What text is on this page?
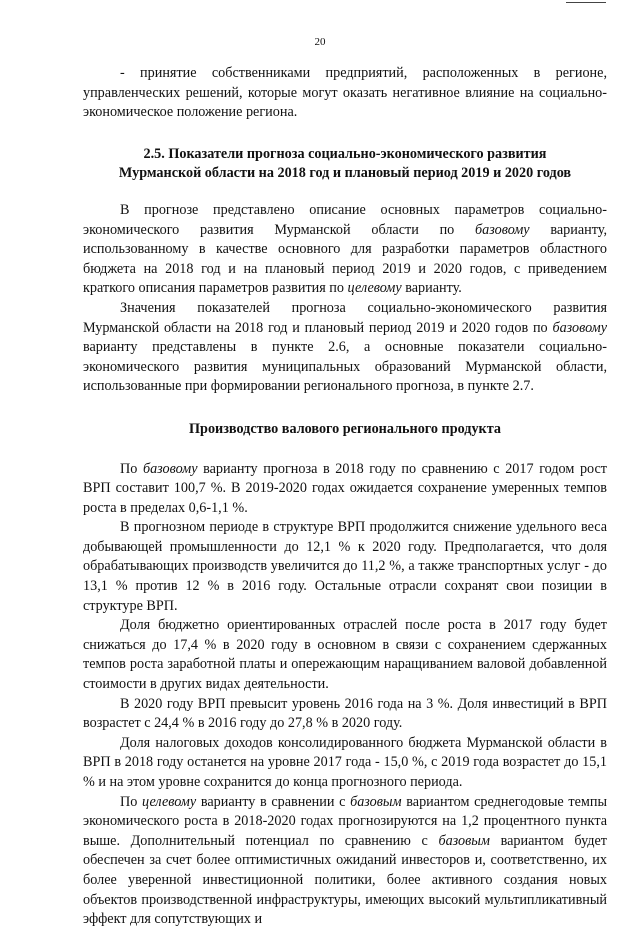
20

- принятие собственниками предприятий, расположенных в регионе, управленческих решений, которые могут оказать негативное влияние на социально-экономическое положение региона.

2.5. Показатели прогноза социально-экономического развития
Мурманской области на 2018 год и плановый период 2019 и 2020 годов

В прогнозе представлено описание основных параметров социально-экономического развития Мурманской области по базовому варианту, использованному в качестве основного для разработки параметров областного бюджета на 2018 год и на плановый период 2019 и 2020 годов, с приведением краткого описания параметров развития по целевому варианту.

Значения показателей прогноза социально-экономического развития Мурманской области на 2018 год и плановый период 2019 и 2020 годов по базовому варианту представлены в пункте 2.6, а основные показатели социально-экономического развития муниципальных образований Мурманской области, использованные при формировании регионального прогноза, в пункте 2.7.

Производство валового регионального продукта

По базовому варианту прогноза в 2018 году по сравнению с 2017 годом рост ВРП составит 100,7 %. В 2019-2020 годах ожидается сохранение умеренных темпов роста в пределах 0,6-1,1 %.

В прогнозном периоде в структуре ВРП продолжится снижение удельного веса добывающей промышленности до 12,1 % к 2020 году. Предполагается, что доля обрабатывающих производств увеличится до 11,2 %, а также транспортных услуг - до 13,1 % против 12 % в 2016 году. Остальные отрасли сохранят свои позиции в структуре ВРП.

Доля бюджетно ориентированных отраслей после роста в 2017 году будет снижаться до 17,4 % в 2020 году в основном в связи с сохранением сдержанных темпов роста заработной платы и опережающим наращиванием валовой добавленной стоимости в других видах деятельности.

В 2020 году ВРП превысит уровень 2016 года на 3 %. Доля инвестиций в ВРП возрастет с 24,4 % в 2016 году до 27,8 % в 2020 году.

Доля налоговых доходов консолидированного бюджета Мурманской области в ВРП в 2018 году останется на уровне 2017 года - 15,0 %, с 2019 года возрастет до 15,1 % и на этом уровне сохранится до конца прогнозного периода.

По целевому варианту в сравнении с базовым вариантом среднегодовые темпы экономического роста в 2018-2020 годах прогнозируются на 1,2 процентного пункта выше. Дополнительный потенциал по сравнению с базовым вариантом будет обеспечен за счет более оптимистичных ожиданий инвесторов и, соответственно, их более уверенной инвестиционной политики, более активного создания новых объектов производственной инфраструктуры, имеющих высокий мультипликативный эффект для сопутствующих и
